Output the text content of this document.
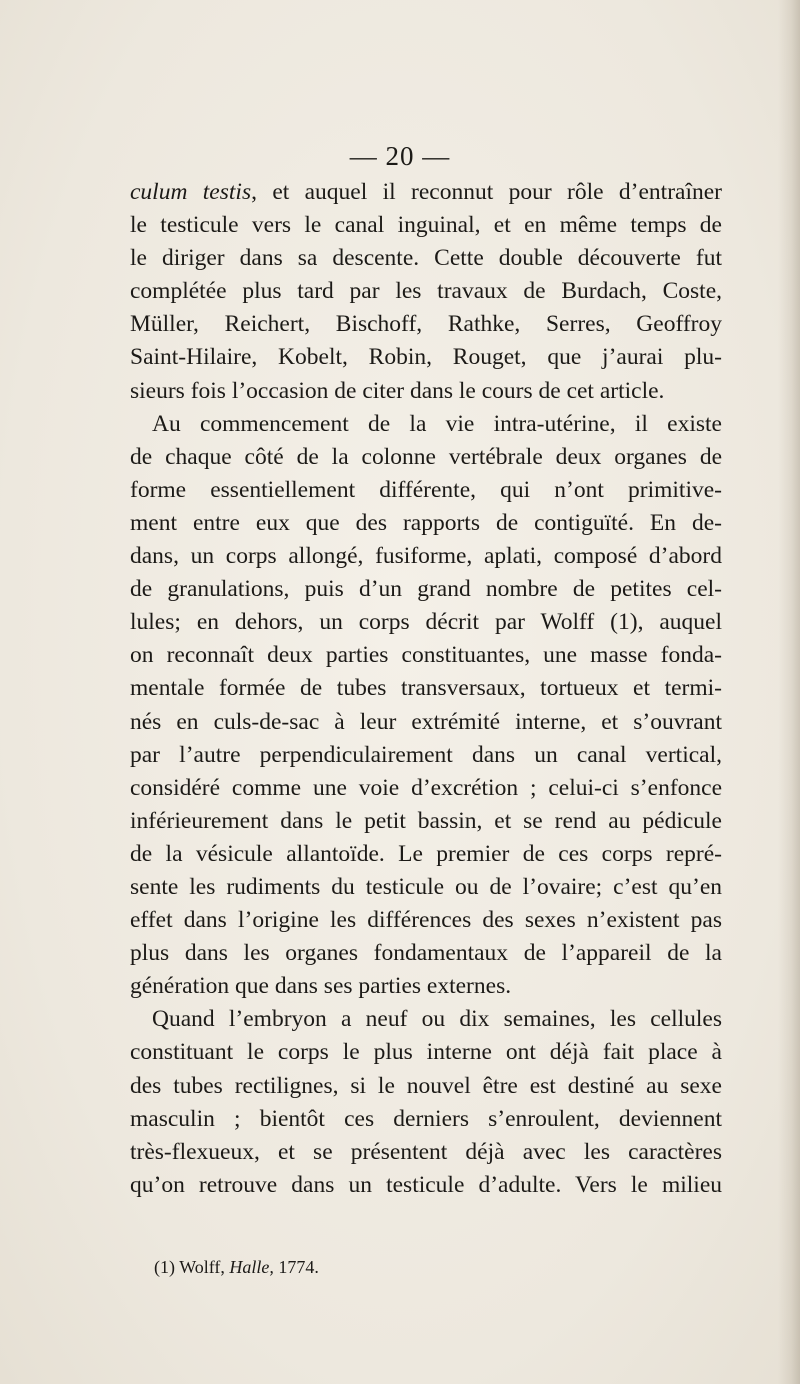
— 20 —
culum testis, et auquel il reconnut pour rôle d’entraîner
le testicule vers le canal inguinal, et en même temps de
le diriger dans sa descente. Cette double découverte fut
complétée plus tard par les travaux de Burdach, Coste,
Müller, Reichert, Bischoff, Rathke, Serres, Geoffroy
Saint-Hilaire, Kobelt, Robin, Rouget, que j’aurai plu-
sieurs fois l’occasion de citer dans le cours de cet article.
Au commencement de la vie intra-utérine, il existe
de chaque côté de la colonne vertébrale deux organes de
forme essentiellement différente, qui n’ont primitive-
ment entre eux que des rapports de contiguïté. En de-
dans, un corps allongé, fusiforme, aplati, composé d’abord
de granulations, puis d’un grand nombre de petites cel-
lules; en dehors, un corps décrit par Wolff (1), auquel
on reconnaît deux parties constituantes, une masse fonda-
mentale formée de tubes transversaux, tortueux et termi-
nés en culs-de-sac à leur extrémité interne, et s’ouvrant
par l’autre perpendiculairement dans un canal vertical,
considéré comme une voie d’excrétion ; celui-ci s’enfonce
inférieurement dans le petit bassin, et se rend au pédicule
de la vésicule allantoïde. Le premier de ces corps repré-
sente les rudiments du testicule ou de l’ovaire; c’est qu’en
effet dans l’origine les différences des sexes n’existent pas
plus dans les organes fondamentaux de l’appareil de la
génération que dans ses parties externes.
Quand l’embryon a neuf ou dix semaines, les cellules
constituant le corps le plus interne ont déjà fait place à
des tubes rectilignes, si le nouvel être est destiné au sexe
masculin ; bientôt ces derniers s’enroulent, deviennent
très-flexueux, et se présentent déjà avec les caractères
qu’on retrouve dans un testicule d’adulte. Vers le milieu
(1) Wolff, Halle, 1774.
